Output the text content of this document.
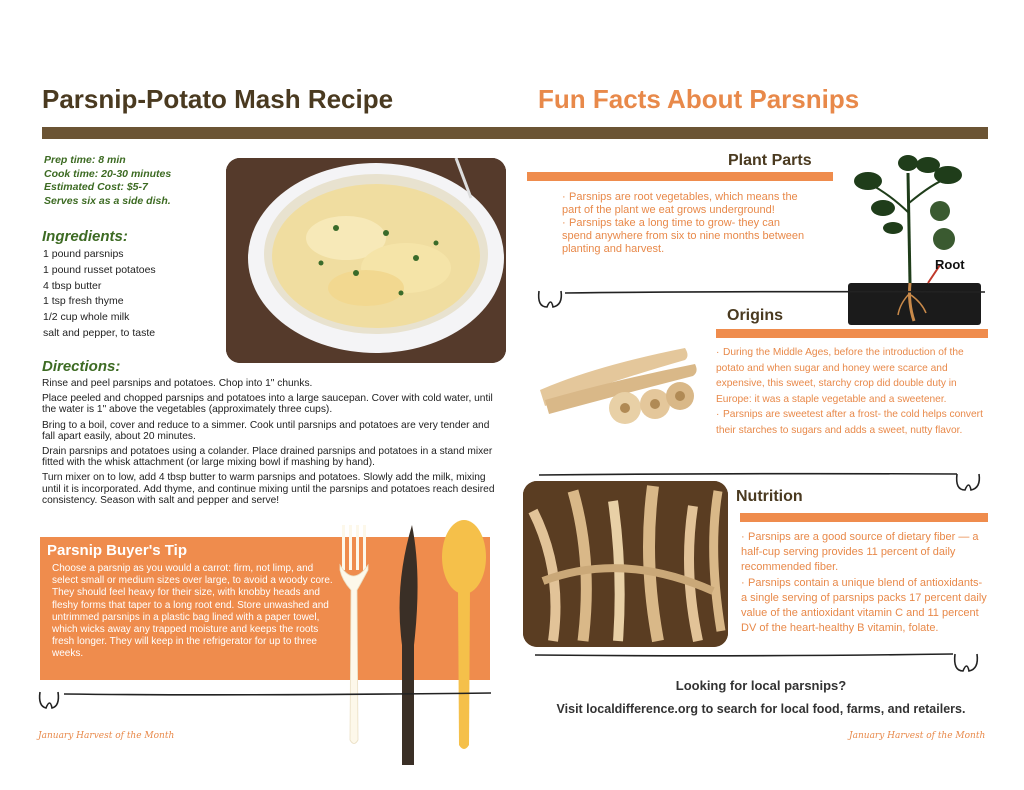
Parsnip-Potato Mash Recipe	Fun Facts About Parsnips
Prep time: 8 min
Cook time: 20-30 minutes
Estimated Cost: $5-7
Serves six as a side dish.
Ingredients:
1 pound parsnips
1 pound russet potatoes
4 tbsp butter
1 tsp fresh thyme
1/2 cup whole milk
salt and pepper, to taste
Directions:

Rinse and peel parsnips and potatoes. Chop into 1" chunks.

Place peeled and chopped parsnips and potatoes into a large saucepan. Cover with cold water, until the water is 1" above the vegetables (approximately three cups).

Bring to a boil, cover and reduce to a simmer. Cook until parsnips and potatoes are very tender and fall apart easily, about 20 minutes.

Drain parsnips and potatoes using a colander. Place drained parsnips and potatoes in a stand mixer fitted with the whisk attachment (or large mixing bowl if mashing by hand).

Turn mixer on to low, add 4 tbsp butter to warm parsnips and potatoes. Slowly add the milk, mixing until it is incorporated. Add thyme, and continue mixing until the parsnips and potatoes reach desired consistency. Season with salt and pepper and serve!

Parsnip Buyer's Tip
Choose a parsnip as you would a carrot: firm, not limp, and select small or medium sizes over large, to avoid a woody core. They should feel heavy for their size, with knobby heads and fleshy forms that taper to a long root end. Store unwashed and untrimmed parsnips in a plastic bag lined with a paper towel, which wicks away any trapped moisture and keeps the roots fresh longer. They will keep in the refrigerator for up to three weeks.
January Harvest of the Month	January Harvest of the Month
Plant Parts
· Parsnips are root vegetables, which means the part of the plant we eat grows underground!
· Parsnips take a long time to grow- they can spend anywhere from six to nine months between planting and harvest.
Root
Origins
· During the Middle Ages, before the introduction of the potato and when sugar and honey were scarce and expensive, this sweet, starchy crop did double duty in Europe: it was a staple vegetable and a sweetener.
· Parsnips are sweetest after a frost- the cold helps convert their starches to sugars and adds a sweet, nutty flavor.
Nutrition
· Parsnips are a good source of dietary fiber — a half-cup serving provides 11 percent of daily recommended fiber.
· Parsnips contain a unique blend of antioxidants- a single serving of parsnips packs 17 percent daily value of the antioxidant vitamin C and 11 percent DV of the heart-healthy B vitamin, folate.
Looking for local parsnips?
Visit localdifference.org to search for local food, farms, and retailers.
